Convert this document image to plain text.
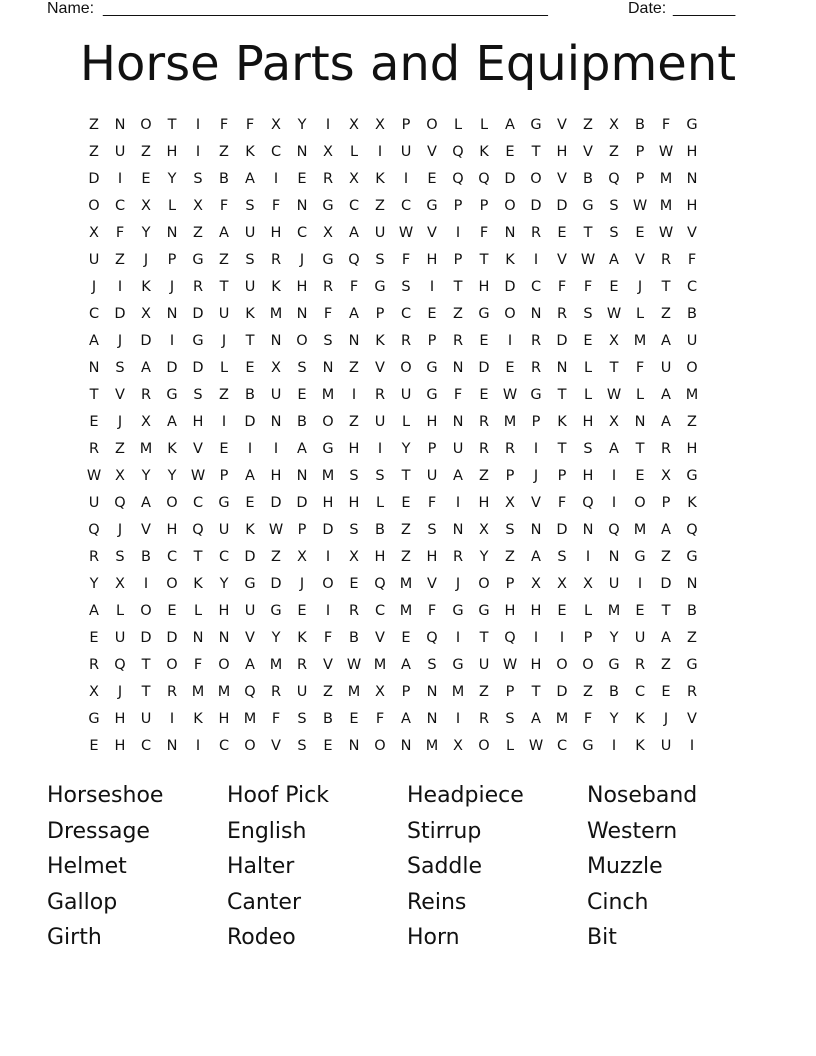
Name: __________________________________________________	Date: _______
Horse Parts and Equipment
Z	N	O	T	I	F	F	X	Y	I	X	X	P	O	L	L	A	G	V	Z	X	B	F	G
Z	U	Z	H	I	Z	K	C	N	X	L	I	U	V	Q	K	E	T	H	V	Z	P W H
D	I	E	Y	S	B	A	I	E	R	X	K	I	E	Q	Q	D	O	V	B	Q	P	M N
O	C	X	L	X	F	S	F	N	G	C	Z	C	G	P	P	O	D	D	G	S W M H
X	F	Y	N	Z	A	U	H	C	X	A	U W V	I	F	N	R	E	T	S	E W V
U	Z	J	P	G	Z	S	R	J	G	Q	S	F	H	P	T	K	I	V W A	V	R	F
J	I	K	J	R	T	U	K	H	R	F	G	S	I	T	H	D	C	F	F	E	J	T	C
C	D	X	N	D	U	K	M N	F	A	P	C	E	Z	G	O	N	R	S W	L	Z	B
A	J	D	I	G	J	T	N	O	S	N	K	R	P	R	E	I	R	D	E	X	M	A	U
N	S	A	D	D	L	E	X	S	N	Z	V	O	G	N	D	E	R	N	L	T	F	U	O
T	V	R	G	S	Z	B	U	E	M	I	R	U	G	F	E W G	T	L	W	L	A	M
E	J	X	A	H	I	D	N	B	O	Z	U	L	H	N	R	M	P	K	H	X	N	A	Z
R	Z	M	K	V	E	I	I	A	G	H	I	Y	P	U	R	R	I	T	S	A	T	R	H
W X	Y	Y W P	A	H	N M	S	S	T	U	A	Z	P	J	P	H	I	E	X	G
U	Q	A	O	C	G	E	D	D	H	H	L	E	F	I	H	X	V	F	Q	I	O	P	K
Q	J	V	H	Q	U	K W P	D	S	B	Z	S	N	X	S	N	D	N	Q M	A	Q
R	S	B	C	T	C	D	Z	X	I	X	H	Z	H	R	Y	Z	A	S	I	N	G	Z	G
Y	X	I	O	K	Y	G	D	J	O	E	Q M	V	J	O	P	X	X	X	U	I	D	N
A	L	O	E	L	H	U	G	E	I	R	C	M	F	G	G	H	H	E	L	M	E	T	B
E	U	D	D	N	N	V	Y	K	F	B	V	E	Q	I	T	Q	I	I	P	Y	U	A	Z
R	Q	T	O	F	O	A	M	R	V W M	A	S	G	U W H	O	O	G	R	Z	G
X	J	T	R	M M Q	R	U	Z	M	X	P	N M	Z	P	T	D	Z	B	C	E	R
G	H	U	I	K	H M	F	S	B	E	F	A	N	I	R	S	A	M	F	Y	K	J	V
E	H	C	N	I	C	O	V	S	E	N	O	N M	X	O	L	W C	G	I	K	U	I
Horseshoe	Hoof Pick	Headpiece	Noseband
Dressage	English	Stirrup	Western
Helmet	Halter	Saddle	Muzzle
Gallop	Canter	Reins	Cinch
Girth	Rodeo	Horn	Bit
